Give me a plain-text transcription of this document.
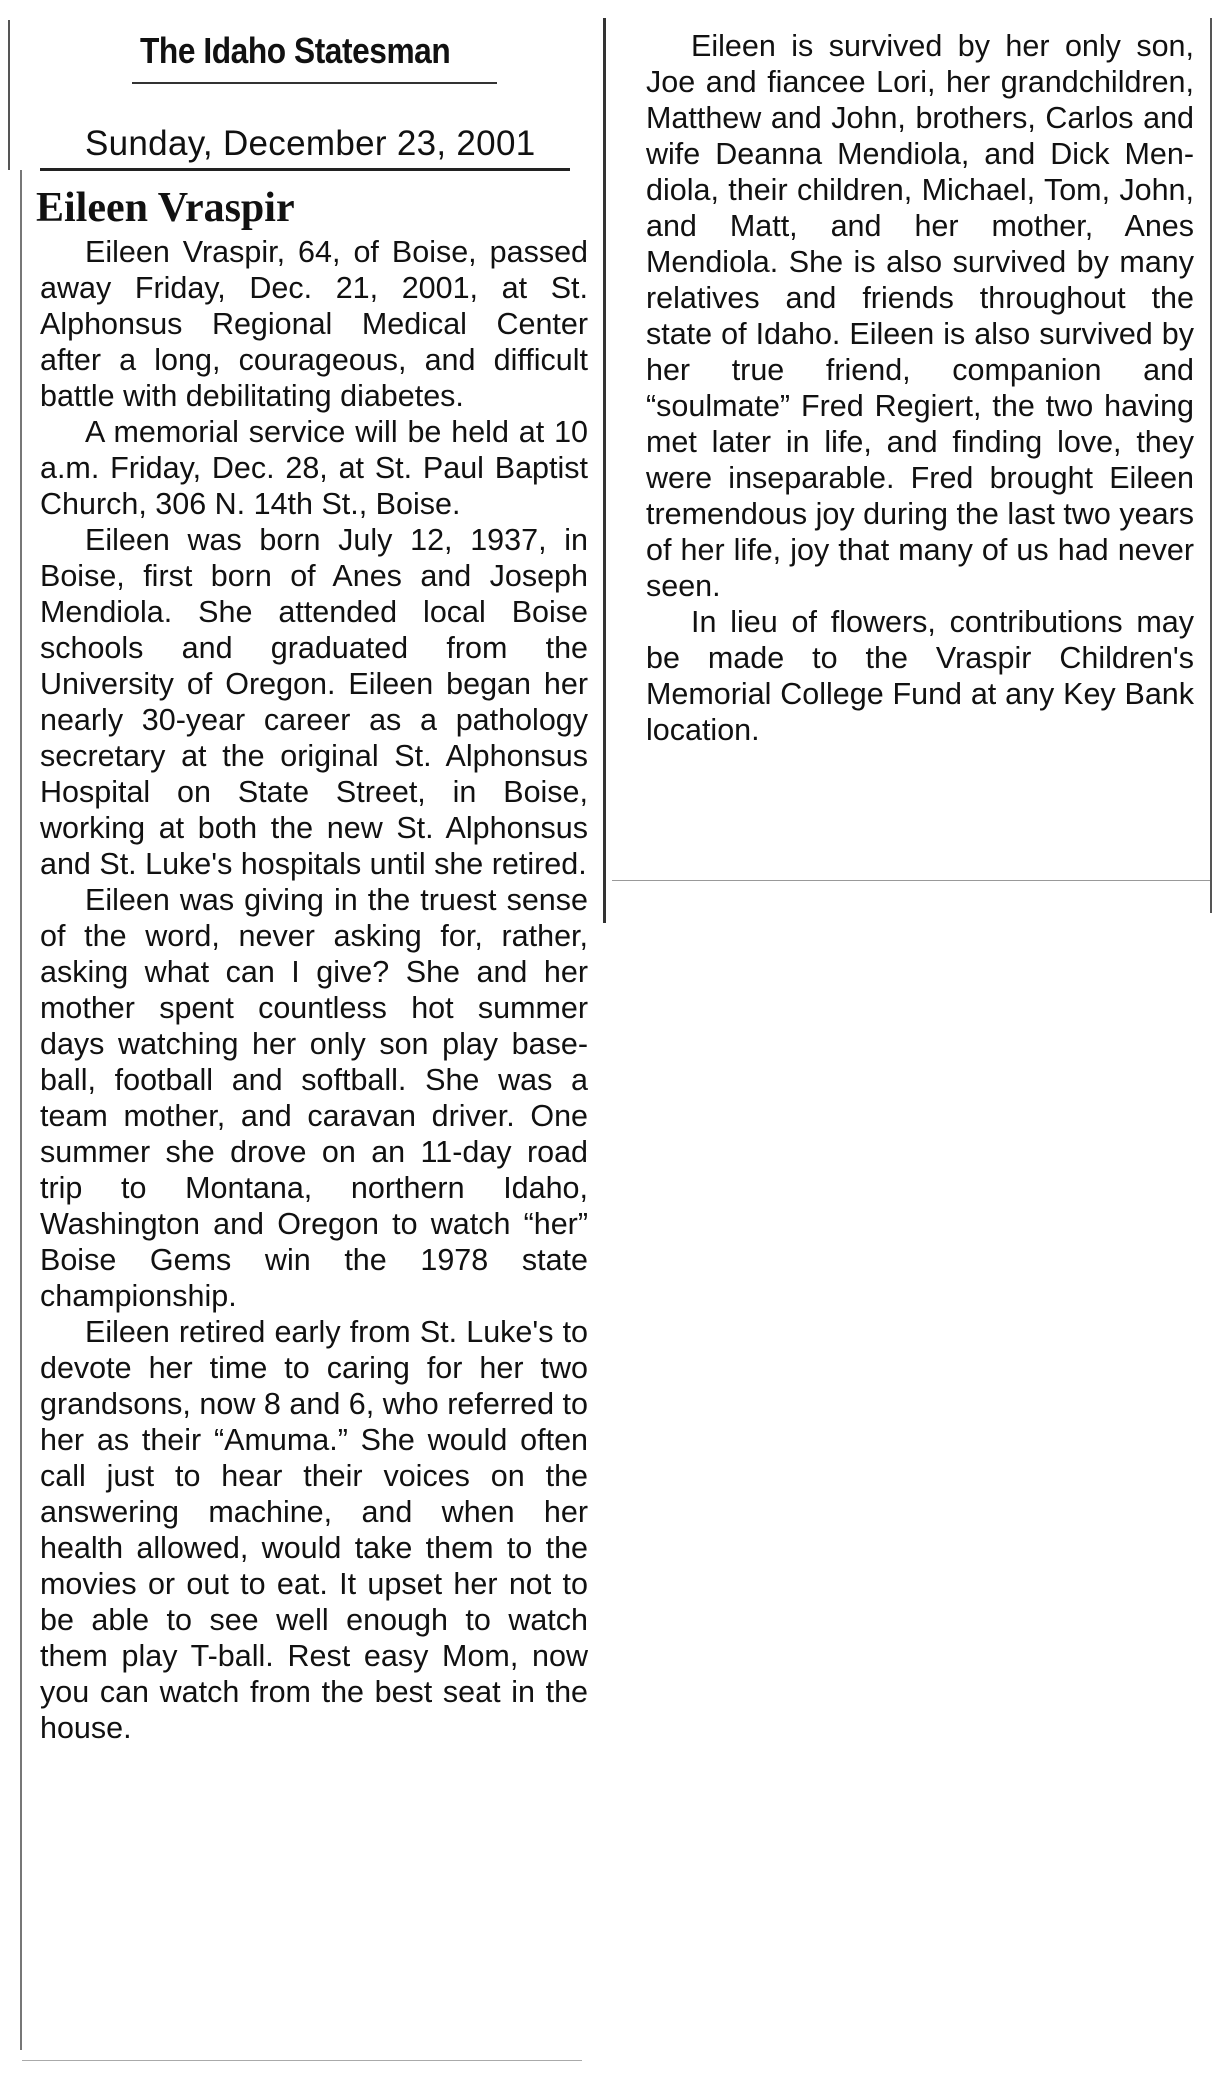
The Idaho Statesman
Sunday, December 23, 2001
Eileen Vraspir

Eileen Vraspir, 64, of Boise, passed away Friday, Dec. 21, 2001, at St. Alphonsus Regional Medical Center after a long, courageous, and difficult battle with debilitating diabetes.

A memorial service will be held at 10 a.m. Friday, Dec. 28, at St. Paul Baptist Church, 306 N. 14th St., Boise.

Eileen was born July 12, 1937, in Boise, first born of Anes and Joseph Mendiola. She attended local Boise schools and graduated from the University of Oregon. Eileen began her nearly 30-year career as a pathology secretary at the original St. Alphonsus Hospital on State Street, in Boise, working at both the new St. Alphonsus and St. Luke's hospitals until she retired.

Eileen was giving in the truest sense of the word, never asking for, rather, asking what can I give? She and her mother spent countless hot summer days watching her only son play baseball, football and softball. She was a team mother, and caravan driver. One summer she drove on an 11-day road trip to Montana, northern Idaho, Washington and Oregon to watch “her” Boise Gems win the 1978 state championship.

Eileen retired early from St. Luke's to devote her time to caring for her two grandsons, now 8 and 6, who referred to her as their “Amuma.” She would often call just to hear their voices on the answering machine, and when her health allowed, would take them to the movies or out to eat. It upset her not to be able to see well enough to watch them play T-ball. Rest easy Mom, now you can watch from the best seat in the house.

Eileen is survived by her only son, Joe and fiancee Lori, her grandchildren, Matthew and John, brothers, Carlos and wife Deanna Mendiola, and Dick Mendiola, their children, Michael, Tom, John, and Matt, and her mother, Anes Mendiola. She is also survived by many relatives and friends throughout the state of Idaho. Eileen is also survived by her true friend, companion and “soulmate” Fred Regiert, the two having met later in life, and finding love, they were inseparable. Fred brought Eileen tremendous joy during the last two years of her life, joy that many of us had never seen.

In lieu of flowers, contributions may be made to the Vraspir Children's Memorial College Fund at any Key Bank location.
